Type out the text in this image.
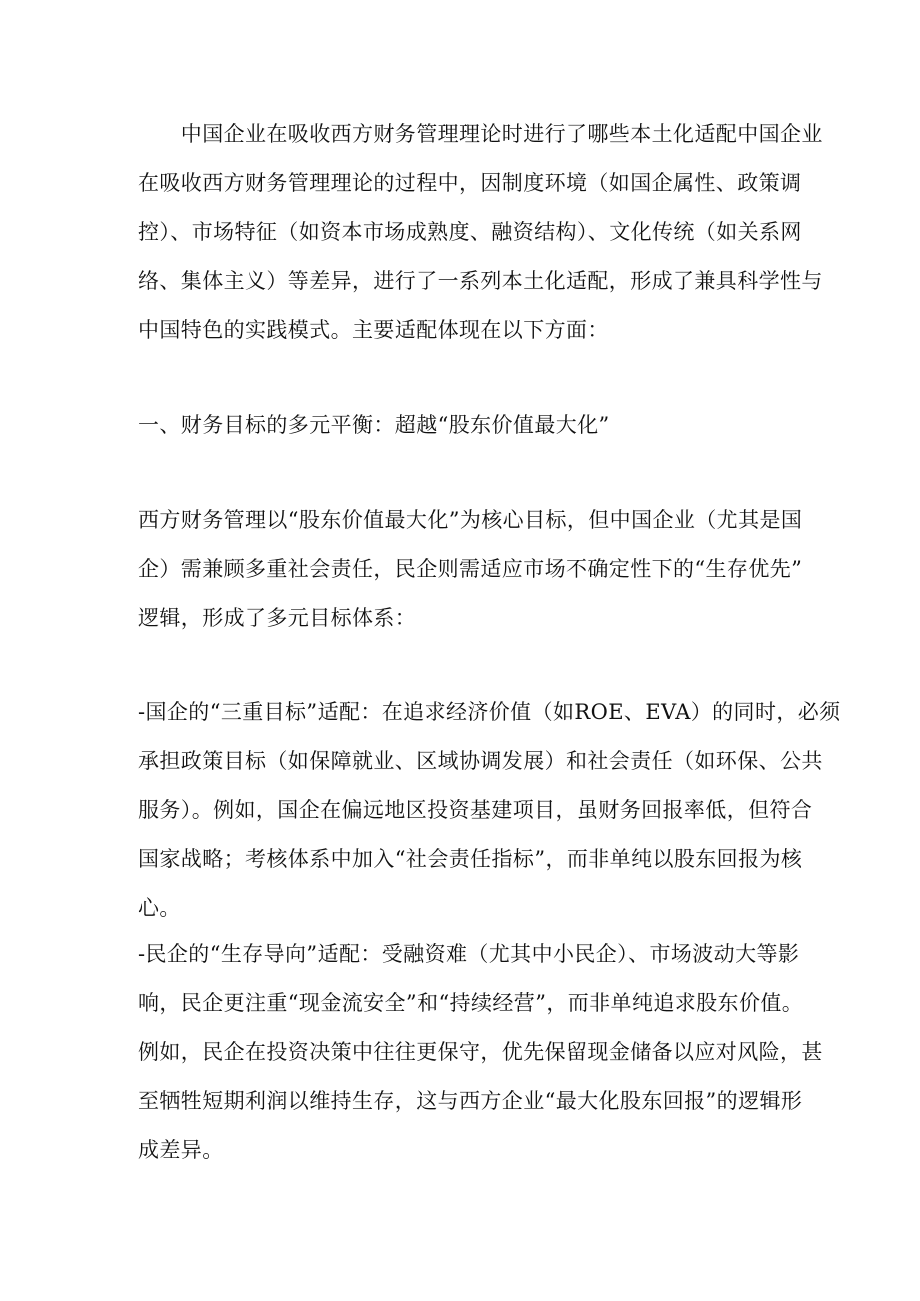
　　中国企业在吸收西方财务管理理论时进行了哪些本土化适配中国企业

在吸收西方财务管理理论的过程中，因制度环境（如国企属性、政策调

控）、市场特征（如资本市场成熟度、融资结构）、文化传统（如关系网

络、集体主义）等差异，进行了一系列本土化适配，形成了兼具科学性与

中国特色的实践模式。主要适配体现在以下方面：

一、财务目标的多元平衡：超越“股东价值最大化”

西方财务管理以“股东价值最大化”为核心目标，但中国企业（尤其是国

企）需兼顾多重社会责任，民企则需适应市场不确定性下的“生存优先”

逻辑，形成了多元目标体系：

-国企的“三重目标”适配：在追求经济价值（如ROE、EVA）的同时，必须

承担政策目标（如保障就业、区域协调发展）和社会责任（如环保、公共

服务）。例如，国企在偏远地区投资基建项目，虽财务回报率低，但符合

国家战略；考核体系中加入“社会责任指标”，而非单纯以股东回报为核

心。

-民企的“生存导向”适配：受融资难（尤其中小民企）、市场波动大等影

响，民企更注重“现金流安全”和“持续经营”，而非单纯追求股东价值。

例如，民企在投资决策中往往更保守，优先保留现金储备以应对风险，甚

至牺牲短期利润以维持生存，这与西方企业“最大化股东回报”的逻辑形

成差异。
